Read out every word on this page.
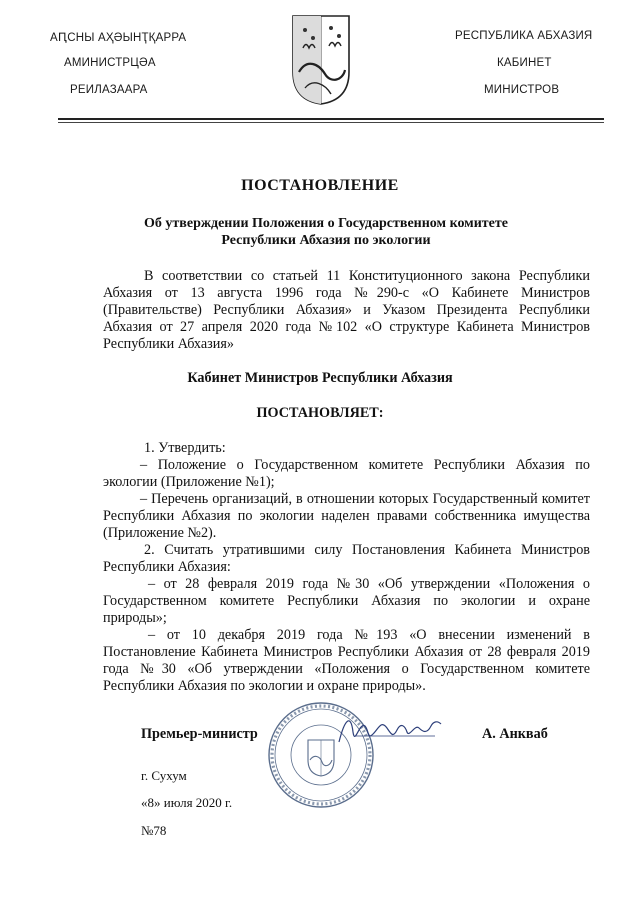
АԤСНЫ АҲӘЫНҬҚАРРА
АМИНИСТРЦӘА
РЕИЛАЗААРА
РЕСПУБЛИКА АБХАЗИЯ
КАБИНЕТ
МИНИСТРОВ
ПОСТАНОВЛЕНИЕ
Об утверждении Положения о Государственном комитете Республики Абхазия по экологии
В соответствии со статьей 11 Конституционного закона Республики Абхазия от 13 августа 1996 года №290-с «О Кабинете Министров (Правительстве) Республики Абхазия» и Указом Президента Республики Абхазия от 27 апреля 2020 года №102 «О структуре Кабинета Министров Республики Абхазия»
Кабинет Министров Республики Абхазия
ПОСТАНОВЛЯЕТ:
1. Утвердить:
– Положение о Государственном комитете Республики Абхазия по экологии (Приложение №1);
– Перечень организаций, в отношении которых Государственный комитет Республики Абхазия по экологии наделен правами собственника имущества (Приложение №2).
2. Считать утратившими силу Постановления Кабинета Министров Республики Абхазия:
– от 28 февраля 2019 года №30 «Об утверждении «Положения о Государственном комитете Республики Абхазия по экологии и охране природы»;
– от 10 декабря 2019 года №193 «О внесении изменений в Постановление Кабинета Министров Республики Абхазия от 28 февраля 2019 года №30 «Об утверждении «Положения о Государственном комитете Республики Абхазия по экологии и охране природы».
Премьер-министр	А. Анкваб
г. Сухум
«8» июля 2020 г.
№78
